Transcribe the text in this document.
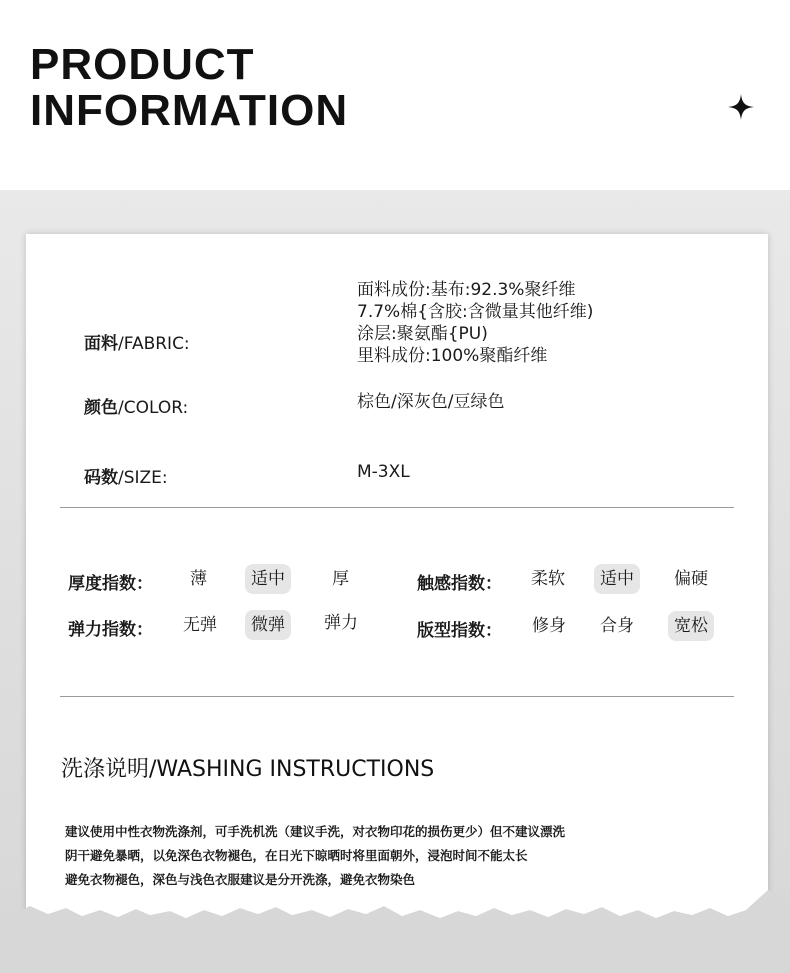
PRODUCT
INFORMATION
面料/FABRIC:
面料成份:基布:92.3%聚纤维
7.7%棉{含胶:含微量其他纤维)
涂层:聚氨酯{PU)
里料成份:100%聚酯纤维
颜色/COLOR:	棕色/深灰色/豆绿色
码数/SIZE:	M-3XL
厚度指数：	薄	适中	厚	触感指数：	柔软	适中	偏硬
弹力指数：	无弹	微弹	弹力	版型指数：	修身	合身	宽松
洗涤说明/WASHING INSTRUCTIONS
建议使用中性衣物洗涤剂，可手洗机洗（建议手洗，对衣物印花的损伤更少）但不建议漂洗
阴干避免暴晒，以免深色衣物褪色，在日光下晾晒时将里面朝外，浸泡时间不能太长
避免衣物褪色，深色与浅色衣服建议是分开洗涤，避免衣物染色
